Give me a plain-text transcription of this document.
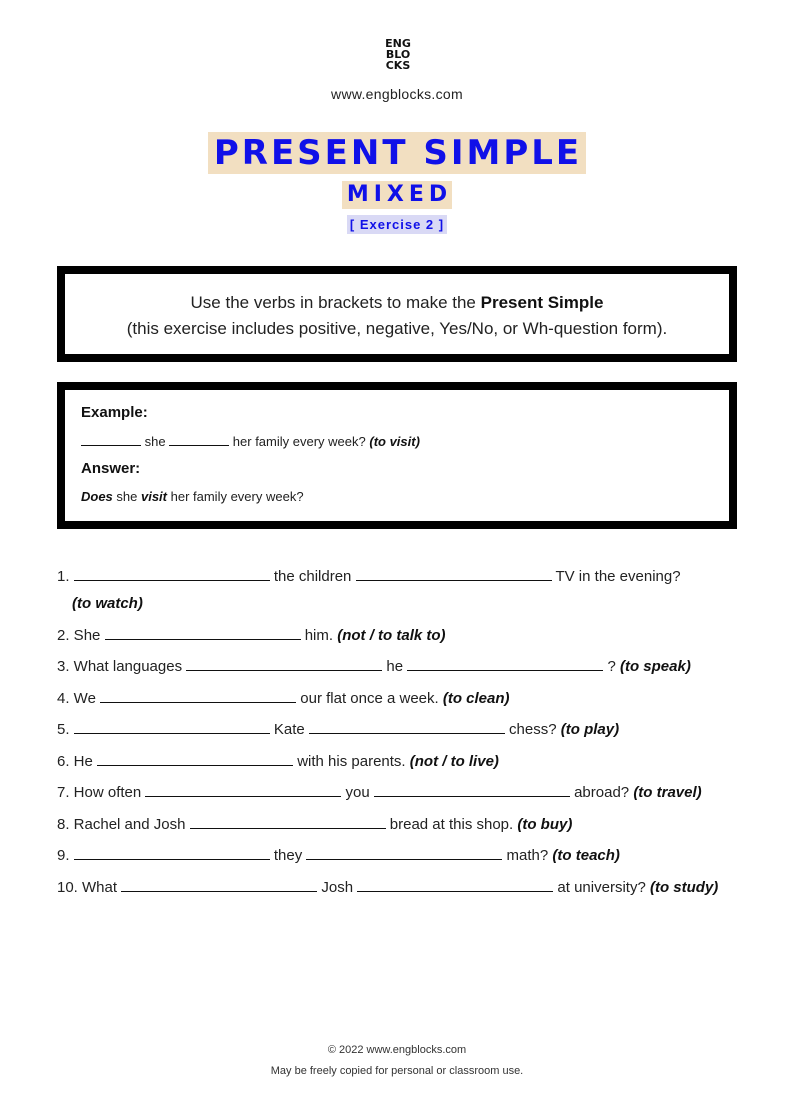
ENG
BLO
CKS
www.engblocks.com
PRESENT SIMPLE
MIXED
[ Exercise 2 ]
Use the verbs in brackets to make the Present Simple
(this exercise includes positive, negative, Yes/No, or Wh-question form).
Example:
she	her family every week? (to visit)
Answer:
Does she visit her family every week?
1.	the children	TV in the evening?
(to watch)
2. She	him. (not / to talk to)
3. What languages	he	? (to speak)
4. We	our flat once a week. (to clean)
5.	Kate	chess? (to play)
6. He	with his parents. (not / to live)
7. How often	you	abroad? (to travel)
8. Rachel and Josh	bread at this shop. (to buy)
9.	they	math? (to teach)
10. What	Josh	at university? (to study)
© 2022 www.engblocks.com
May be freely copied for personal or classroom use.
